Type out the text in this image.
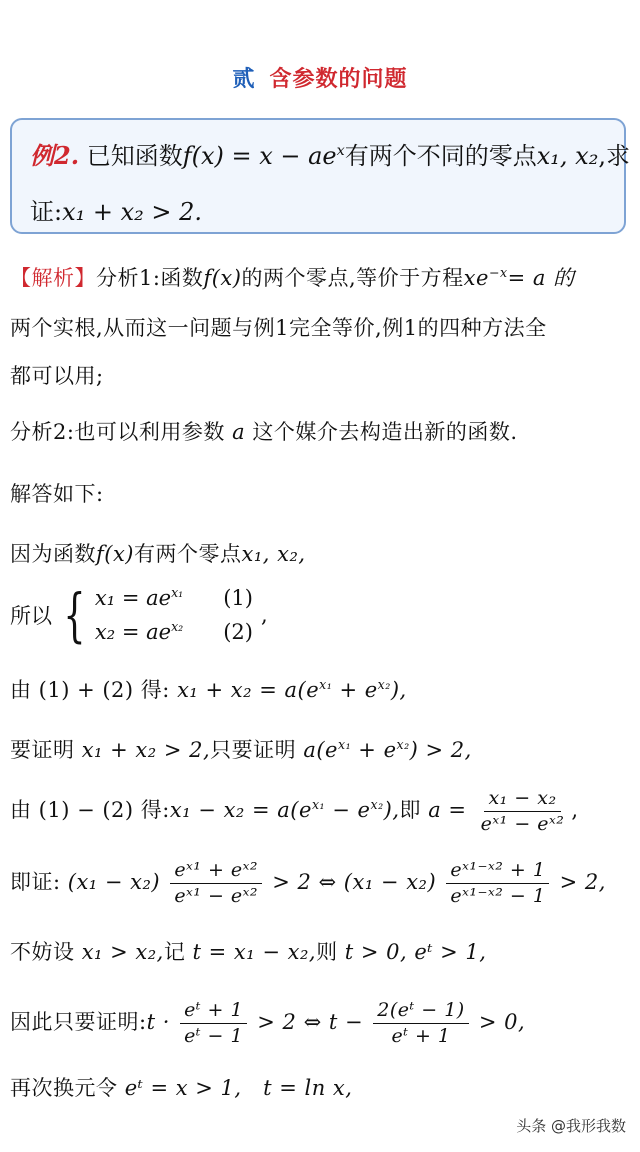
贰 含参数的问题
例2. 已知函数$f(x) = x - ae^x$有两个不同的零点x₁, x₂,求
证:x₁ + x₂ > 2.
【解析】分析1:函数f(x)的两个零点,等价于方程$xe^{-x}= a$ 的
两个实根,从而这一问题与例1完全等价,例1的四种方法全
都可以用;
分析2:也可以利用参数 a 这个媒介去构造出新的函数.
解答如下:
因为函数f(x)有两个零点x₁, x₂,
所以 { $x_1 = ae^{x_1}$ (1)
$x_2 = ae^{x_2}$ (2)
,
由 (1) + (2) 得: $x_1 + x_2 = a(e^{x_1} + e^{x_2})$,
要证明 x₁ + x₂ > 2,只要证明 $a(e^{x_1} + e^{x_2}) > 2$,
由 (1) − (2) 得:x₁ − $x_2 = a(e^{x_1} - e^{x_2})$,即 $a = \frac{\text{x₁ − x₂}}{\text{eˣ¹ − eˣ²}}$ ,
即证: $(x_1 - x_2) \frac{\text{eˣ¹ + eˣ²}}{\text{eˣ¹ − eˣ²}} > 2$ ⇔ $(x_1 - x_2) \frac{\text{eˣ¹⁻ˣ² + 1}}{\text{eˣ¹⁻ˣ² − 1}} > 2$,
不妨设 x₁ > x₂,记 t = x₁ − x₂,则 t > 0, eᵗ > 1,
因此只要证明:t · $\frac{\text{eᵗ + 1}}{\text{eᵗ − 1}} > 2$ ⇔ $t - \frac{\text{2(eᵗ − 1)}}{\text{eᵗ + 1}} > 0$,
再次换元令 eᵗ = x > 1, t = ln x,
头条 @我形我数
